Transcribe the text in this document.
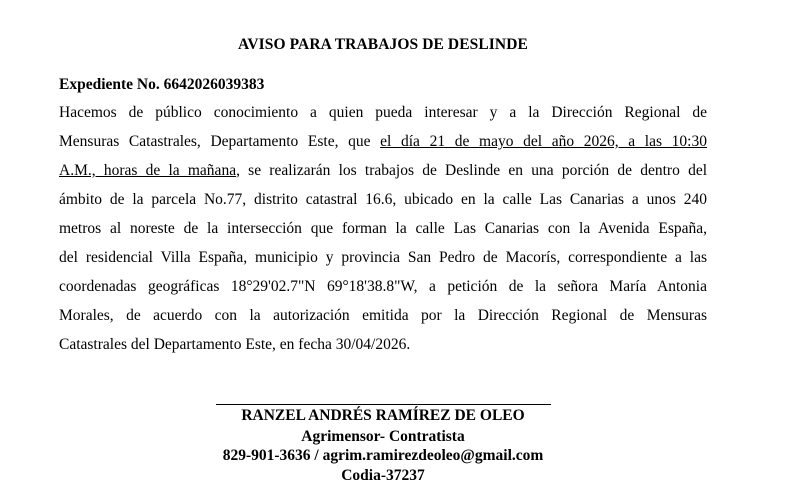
AVISO PARA TRABAJOS DE DESLINDE
Expediente No. 6642026039383
Hacemos de público conocimiento a quien pueda interesar y a la Dirección Regional de
Mensuras Catastrales, Departamento Este, que el día 21 de mayo del año 2026, a las 10:30
A.M., horas de la mañana, se realizarán los trabajos de Deslinde en una porción de dentro del
ámbito de la parcela No.77, distrito catastral 16.6, ubicado en la calle Las Canarias a unos 240
metros al noreste de la intersección que forman la calle Las Canarias con la Avenida España,
del residencial Villa España, municipio y provincia San Pedro de Macorís, correspondiente a las
coordenadas geográficas 18°29'02.7"N 69°18'38.8"W, a petición de la señora María Antonia
Morales, de acuerdo con la autorización emitida por la Dirección Regional de Mensuras
Catastrales del Departamento Este, en fecha 30/04/2026.
RANZEL ANDRÉS RAMÍREZ DE OLEO
Agrimensor- Contratista
829-901-3636 / agrim.ramirezdeoleo@gmail.com
Codia-37237
